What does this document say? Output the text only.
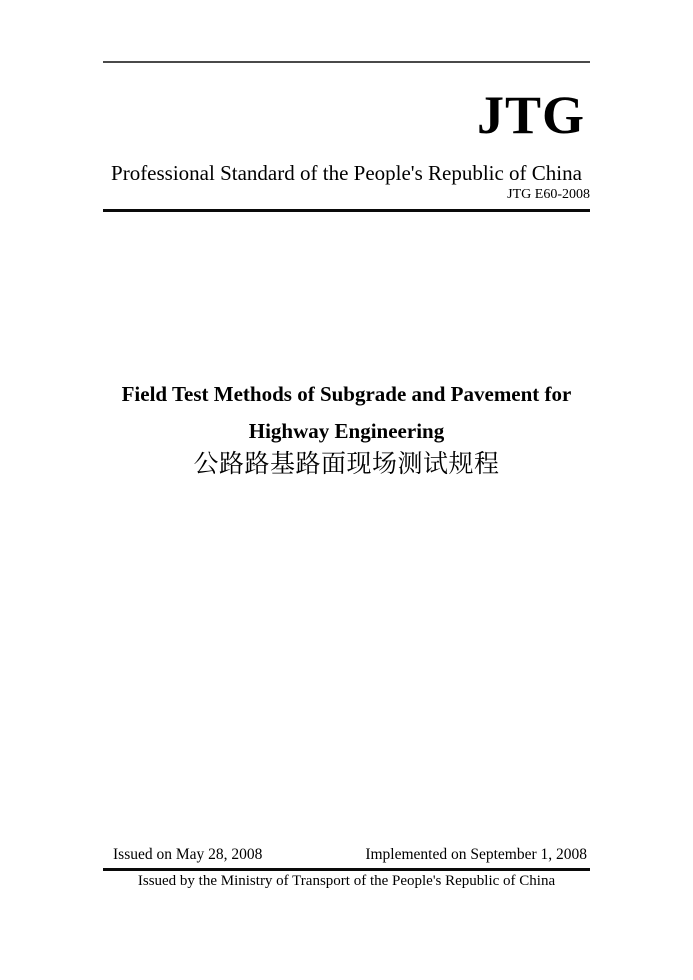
JTG
Professional Standard of the People's Republic of China
JTG E60-2008
Field Test Methods of Subgrade and Pavement for
Highway Engineering
公路路基路面现场测试规程
Issued on May 28, 2008	Implemented on September 1, 2008
Issued by the Ministry of Transport of the People's Republic of China
